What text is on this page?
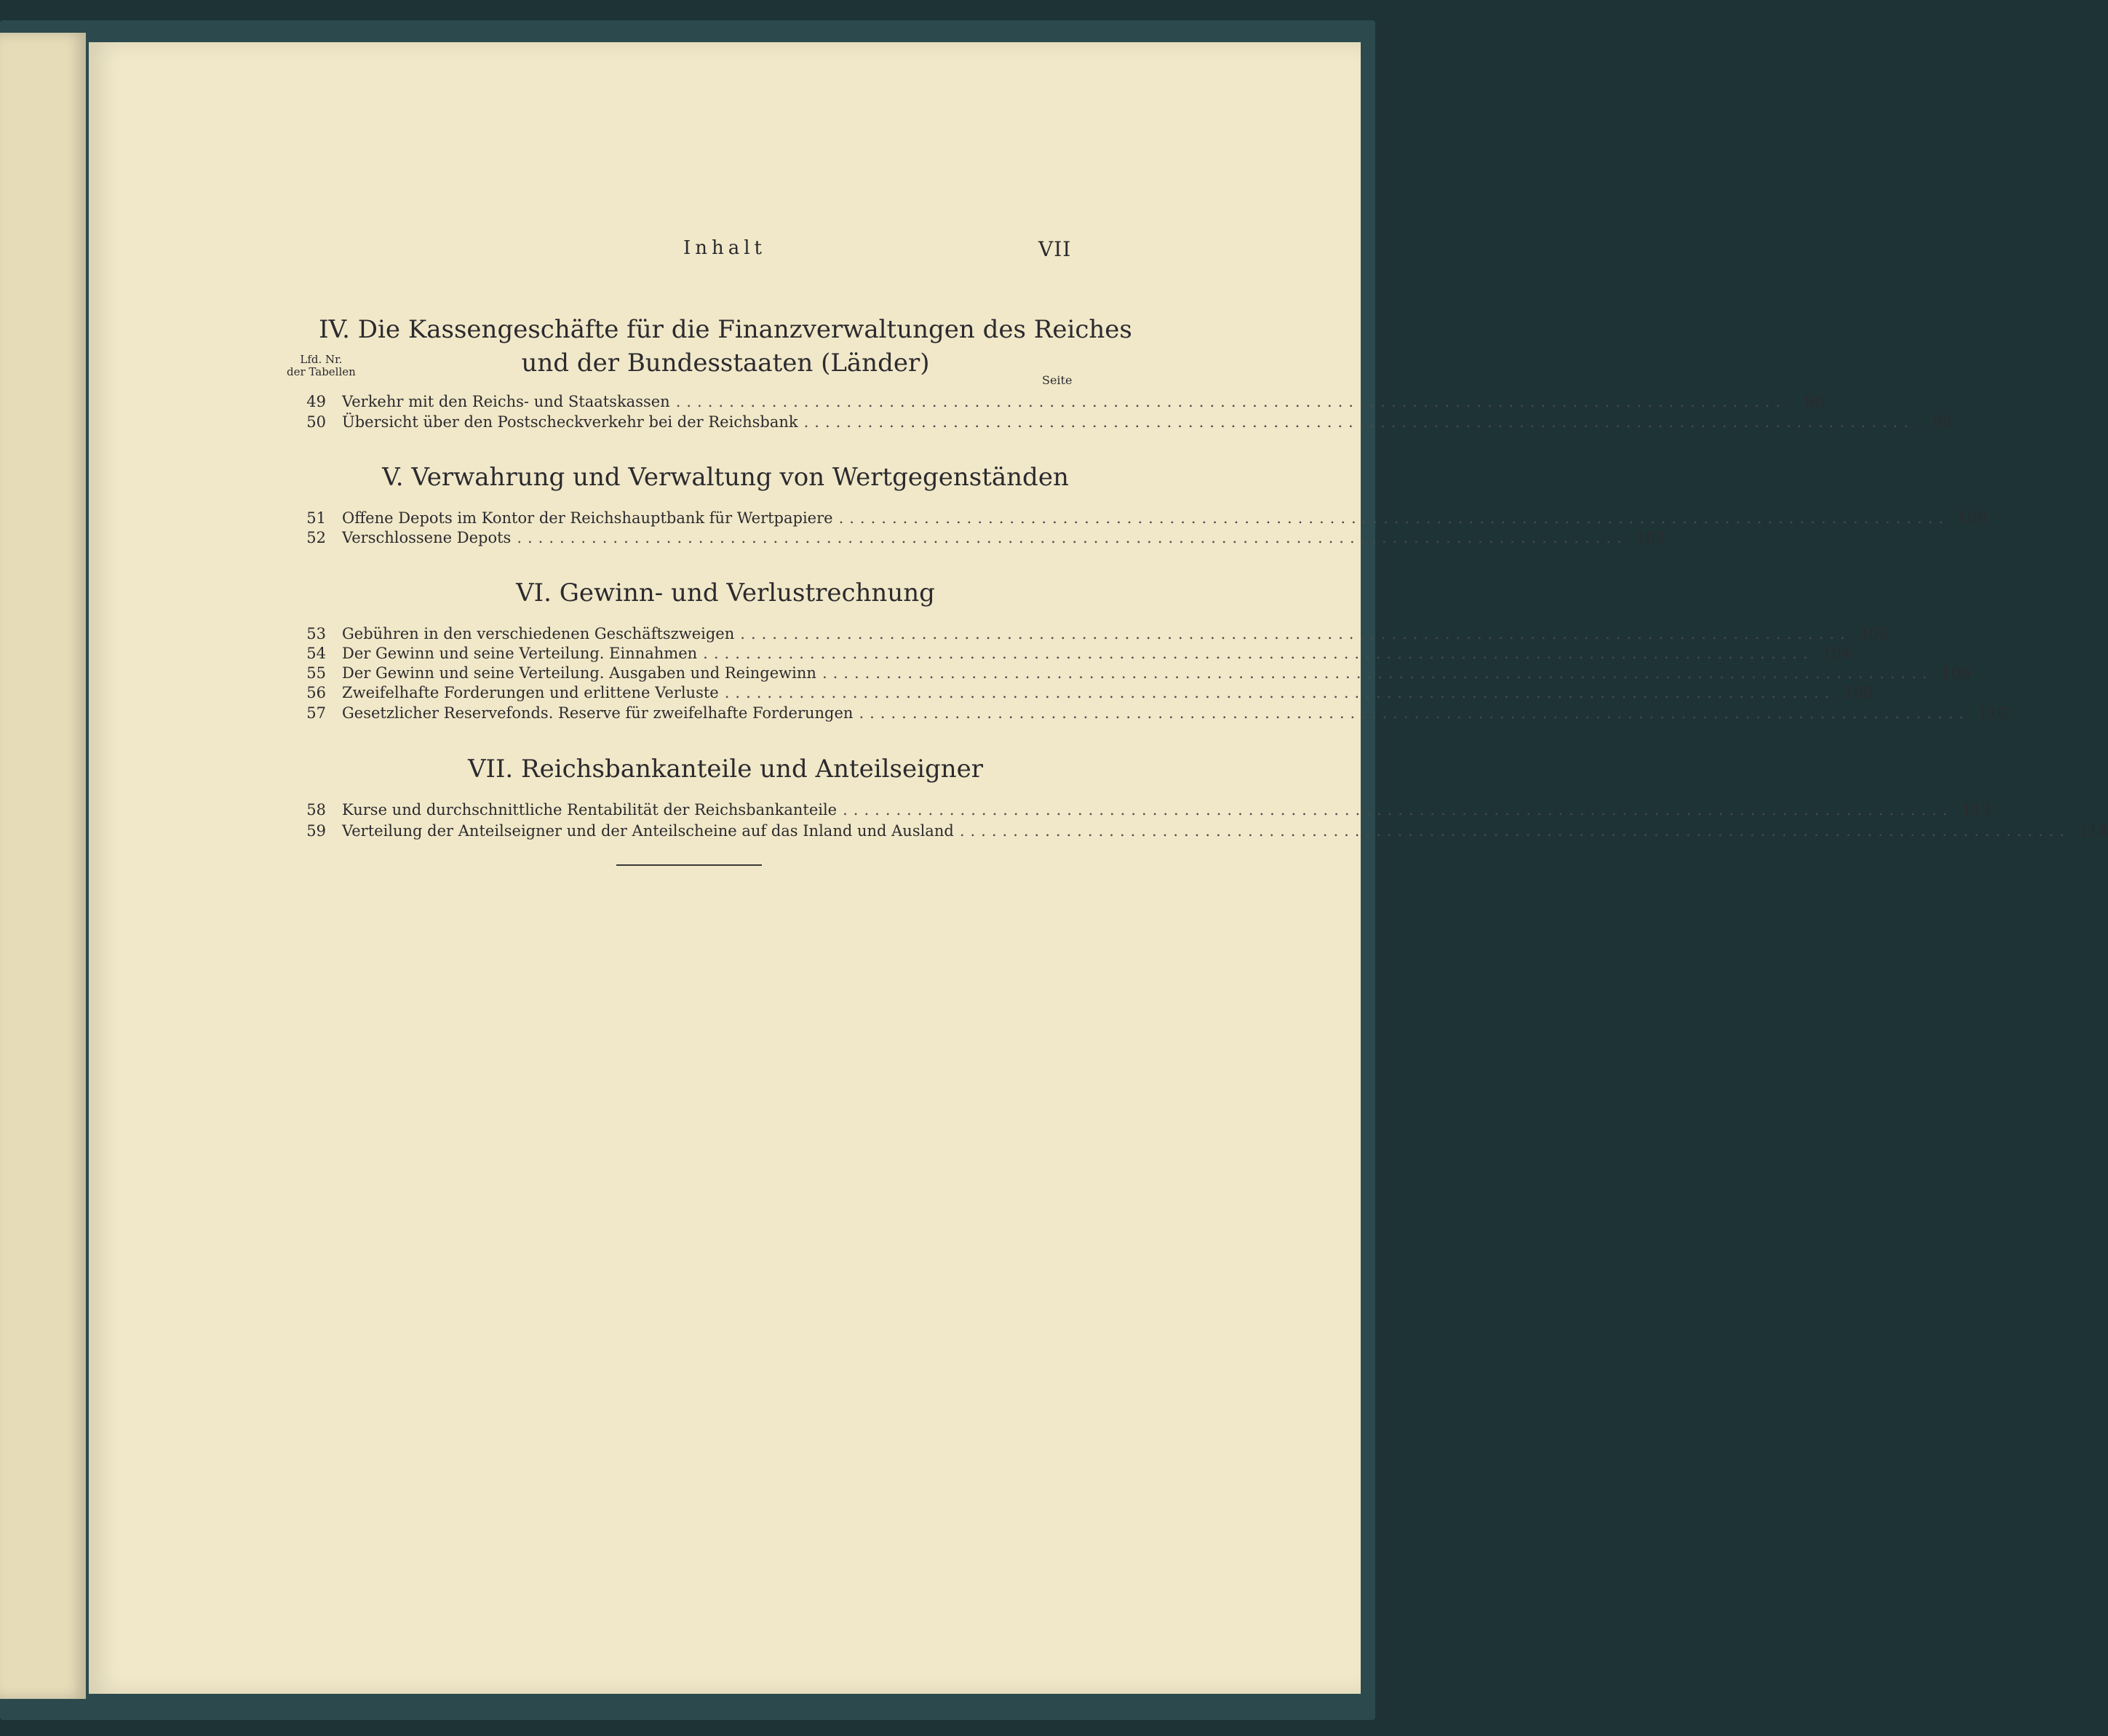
Inhalt	VII
IV. Die Kassengeschäfte für die Finanzverwaltungen des Reiches
und der Bundesstaaten (Länder)
Lfd. Nr.
der Tabellen
Seite
49 Verkehr mit den Reichs- und Staatskassen ........................................................................................................	96
50 Übersicht über den Postscheckverkehr bei der Reichsbank ........................................................................................................	98
V. Verwahrung und Verwaltung von Wertgegenständen
51 Offene Depots im Kontor der Reichshauptbank für Wertpapiere ........................................................................................................ 100
52 Verschlossene Depots ........................................................................................................ 102
VI. Gewinn- und Verlustrechnung
53 Gebühren in den verschiedenen Geschäftszweigen ........................................................................................................ 103
54 Der Gewinn und seine Verteilung. Einnahmen ........................................................................................................ 104
55 Der Gewinn und seine Verteilung. Ausgaben und Reingewinn ........................................................................................................ 106
56 Zweifelhafte Forderungen und erlittene Verluste ........................................................................................................ 108
57 Gesetzlicher Reservefonds. Reserve für zweifelhafte Forderungen ........................................................................................................ 110
VII. Reichsbankanteile und Anteilseigner
58 Kurse und durchschnittliche Rentabilität der Reichsbankanteile ........................................................................................................ 113
59 Verteilung der Anteilseigner und der Anteilscheine auf das Inland und Ausland ........................................................................................................ 114
